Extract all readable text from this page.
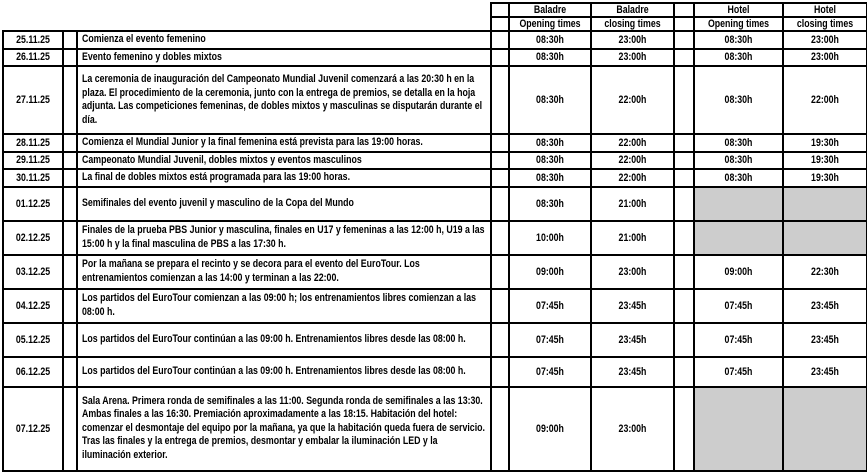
				Baladre	Baladre		Hotel	Hotel

				Opening times	closing times		Opening times	closing times

25.11.25		Comienza el evento femenino		08:30h	23:00h		08:30h	23:00h

26.11.25		Evento femenino y dobles mixtos		08:30h	23:00h		08:30h	23:00h

27.11.25		La ceremonia de inauguración del Campeonato Mundial Juvenil comenzará a las 20:30 h en la plaza. El procedimiento de la ceremonia, junto con la entrega de premios, se detalla en la hoja adjunta. Las competiciones femeninas, de dobles mixtos y masculinas se disputarán durante el día.		08:30h	22:00h		08:30h	22:00h

28.11.25		Comienza el Mundial Junior y la final femenina está prevista para las 19:00 horas.		08:30h	22:00h		08:30h	19:30h

29.11.25		Campeonato Mundial Juvenil, dobles mixtos y eventos masculinos		08:30h	22:00h		08:30h	19:30h

30.11.25		La final de dobles mixtos está programada para las 19:00 horas.		08:30h	22:00h		08:30h	19:30h

01.12.25		Semifinales del evento juvenil y masculino de la Copa del Mundo		08:30h	21:00h			

02.12.25		Finales de la prueba PBS Junior y masculina, finales en U17 y femeninas a las 12:00 h, U19 a las 15:00 h y la final masculina de PBS a las 17:30 h.		10:00h	21:00h			

03.12.25		Por la mañana se prepara el recinto y se decora para el evento del EuroTour. Los entrenamientos comienzan a las 14:00 y terminan a las 22:00.		09:00h	23:00h		09:00h	22:30h

04.12.25		Los partidos del EuroTour comienzan a las 09:00 h; los entrenamientos libres comienzan a las 08:00 h.		07:45h	23:45h		07:45h	23:45h

05.12.25		Los partidos del EuroTour continúan a las 09:00 h. Entrenamientos libres desde las 08:00 h.		07:45h	23:45h		07:45h	23:45h

06.12.25		Los partidos del EuroTour continúan a las 09:00 h. Entrenamientos libres desde las 08:00 h.		07:45h	23:45h		07:45h	23:45h

07.12.25		Sala Arena. Primera ronda de semifinales a las 11:00. Segunda ronda de semifinales a las 13:30. Ambas finales a las 16:30. Premiación aproximadamente a las 18:15. Habitación del hotel: comenzar el desmontaje del equipo por la mañana, ya que la habitación queda fuera de servicio. Tras las finales y la entrega de premios, desmontar y embalar la iluminación LED y la iluminación exterior.		09:00h	23:00h			
